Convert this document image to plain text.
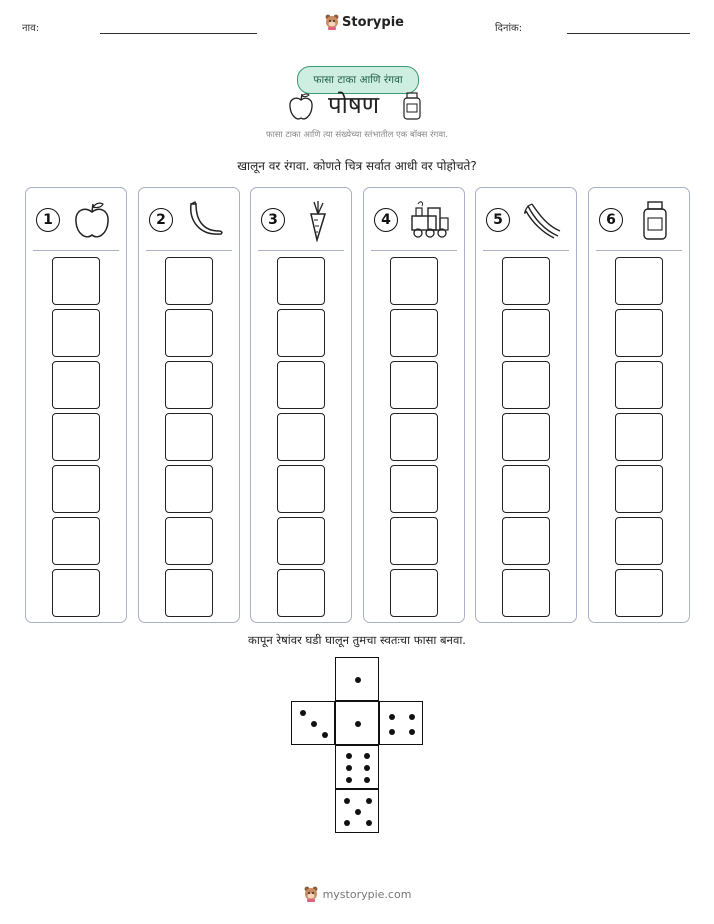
नाव:	Storypie	दिनांक:
फासा टाका आणि रंगवा
पोषण
फासा टाका आणि त्या संख्येच्या स्तंभातील एक बॉक्स रंगवा.
खालून वर रंगवा. कोणते चित्र सर्वात आधी वर पोहोचते?
1	2	3	4	5	6
कापून रेषांवर घडी घालून तुमचा स्वतःचा फासा बनवा.
mystorypie.com
